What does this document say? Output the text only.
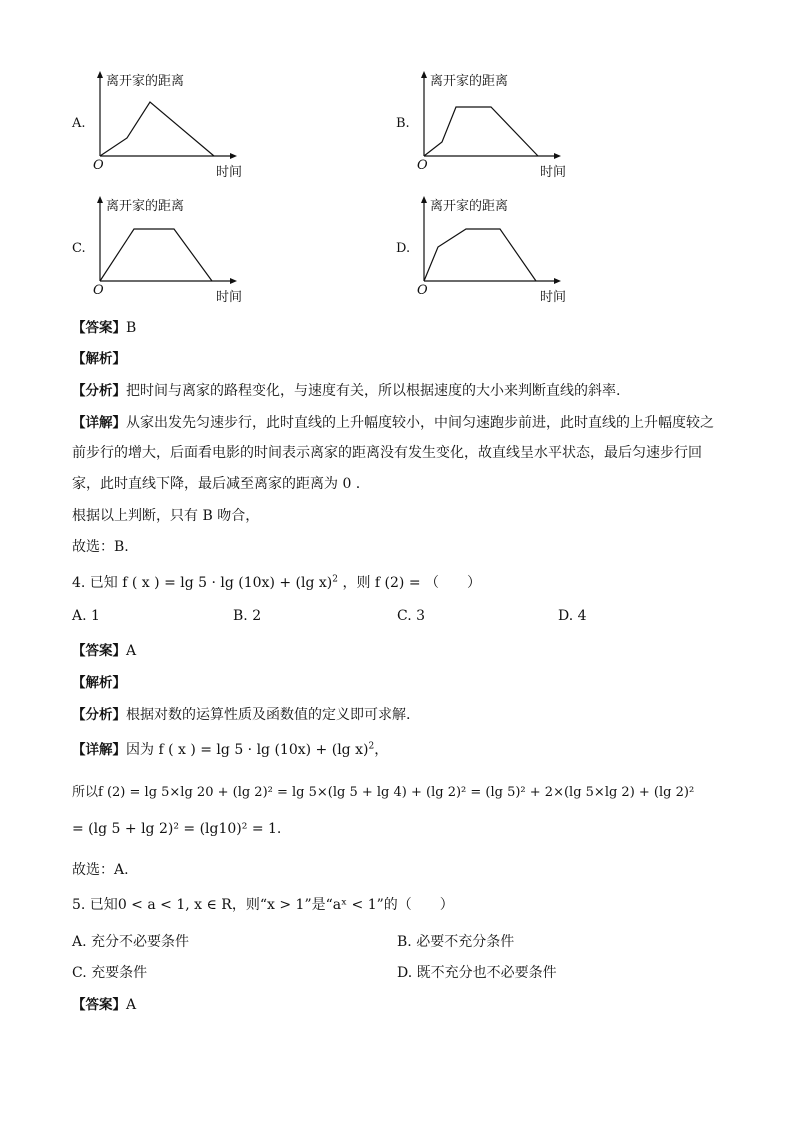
A.
离开家的距离
O	时间
B.
离开家的距离
O	时间
C.
离开家的距离
O	时间
D.
离开家的距离
O	时间
【答案】B
【解析】
【分析】把时间与离家的路程变化，与速度有关，所以根据速度的大小来判断直线的斜率.
【详解】从家出发先匀速步行，此时直线的上升幅度较小，中间匀速跑步前进，此时直线的上升幅度较之
前步行的增大，后面看电影的时间表示离家的距离没有发生变化，故直线呈水平状态，最后匀速步行回
家，此时直线下降，最后减至离家的距离为 0 .
根据以上判断，只有 B 吻合，
故选：B.
4. 已知 f ( x ) = lg 5 · lg (10x) + (lg x)$^2$ ，则 f (2) = （　　）
A. 1	B. 2	C. 3	D. 4
【答案】A
【解析】
【分析】根据对数的运算性质及函数值的定义即可求解.
【详解】因为 f ( x ) = lg 5 · lg (10x) + (lg x)$^2$，
所以f (2) = lg 5×lg 20 + (lg 2)² = lg 5×(lg 5 + lg 4) + (lg 2)² = (lg 5)² + 2×(lg 5×lg 2) + (lg 2)²
= (lg 5 + lg 2)² = (lg10)² = 1.
故选：A.
5. 已知0 < a < 1, x ∈ R，则“x > 1”是“aˣ < 1”的（　　）
A. 充分不必要条件	B. 必要不充分条件
C. 充要条件	D. 既不充分也不必要条件
【答案】A
